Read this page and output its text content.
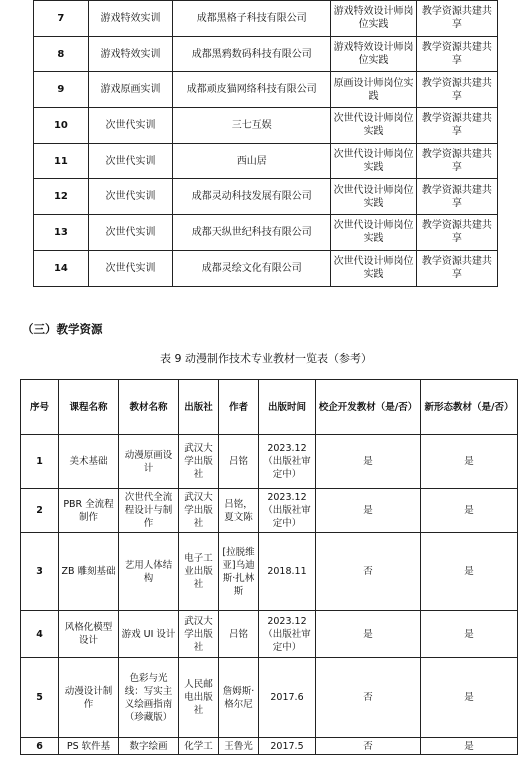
7	游戏特效实训	成都黑格子科技有限公司	游戏特效设计师岗位实践	教学资源共建共享
8	游戏特效实训	成都黑鸦数码科技有限公司	游戏特效设计师岗位实践	教学资源共建共享
9	游戏原画实训	成都顽皮猫网络科技有限公司	原画设计师岗位实践	教学资源共建共享
10	次世代实训	三七互娱	次世代设计师岗位实践	教学资源共建共享
11	次世代实训	西山居	次世代设计师岗位实践	教学资源共建共享
12	次世代实训	成都灵动科技发展有限公司	次世代设计师岗位实践	教学资源共建共享
13	次世代实训	成都天纵世纪科技有限公司	次世代设计师岗位实践	教学资源共建共享
14	次世代实训	成都灵绘文化有限公司	次世代设计师岗位实践	教学资源共建共享
（三）教学资源
表 9 动漫制作技术专业教材一览表（参考）
序号	课程名称	教材名称	出版社	作者	出版时间	校企开发教材（是/否）	新形态教材（是/否）
1	美术基础	动漫原画设计	武汉大学出版社	吕铭	2023.12（出版社审定中）	是	是
2	PBR 全流程制作	次世代全流程设计与制作	武汉大学出版社	吕铭，夏文陈	2023.12（出版社审定中）	是	是
3	ZB 雕刻基础	艺用人体结构	电子工业出版社	[拉脱维亚]乌迪斯·扎林斯	2018.11	否	是
4	风格化模型设计	游戏 UI 设计	武汉大学出版社	吕铭	2023.12（出版社审定中）	是	是
5	动漫设计制作	色彩与光线：写实主义绘画指南（珍藏版）	人民邮电出版社	詹姆斯·格尔尼	2017.6	否	是
6	PS 软件基	数字绘画	化学工	王鲁光	2017.5	否	是
